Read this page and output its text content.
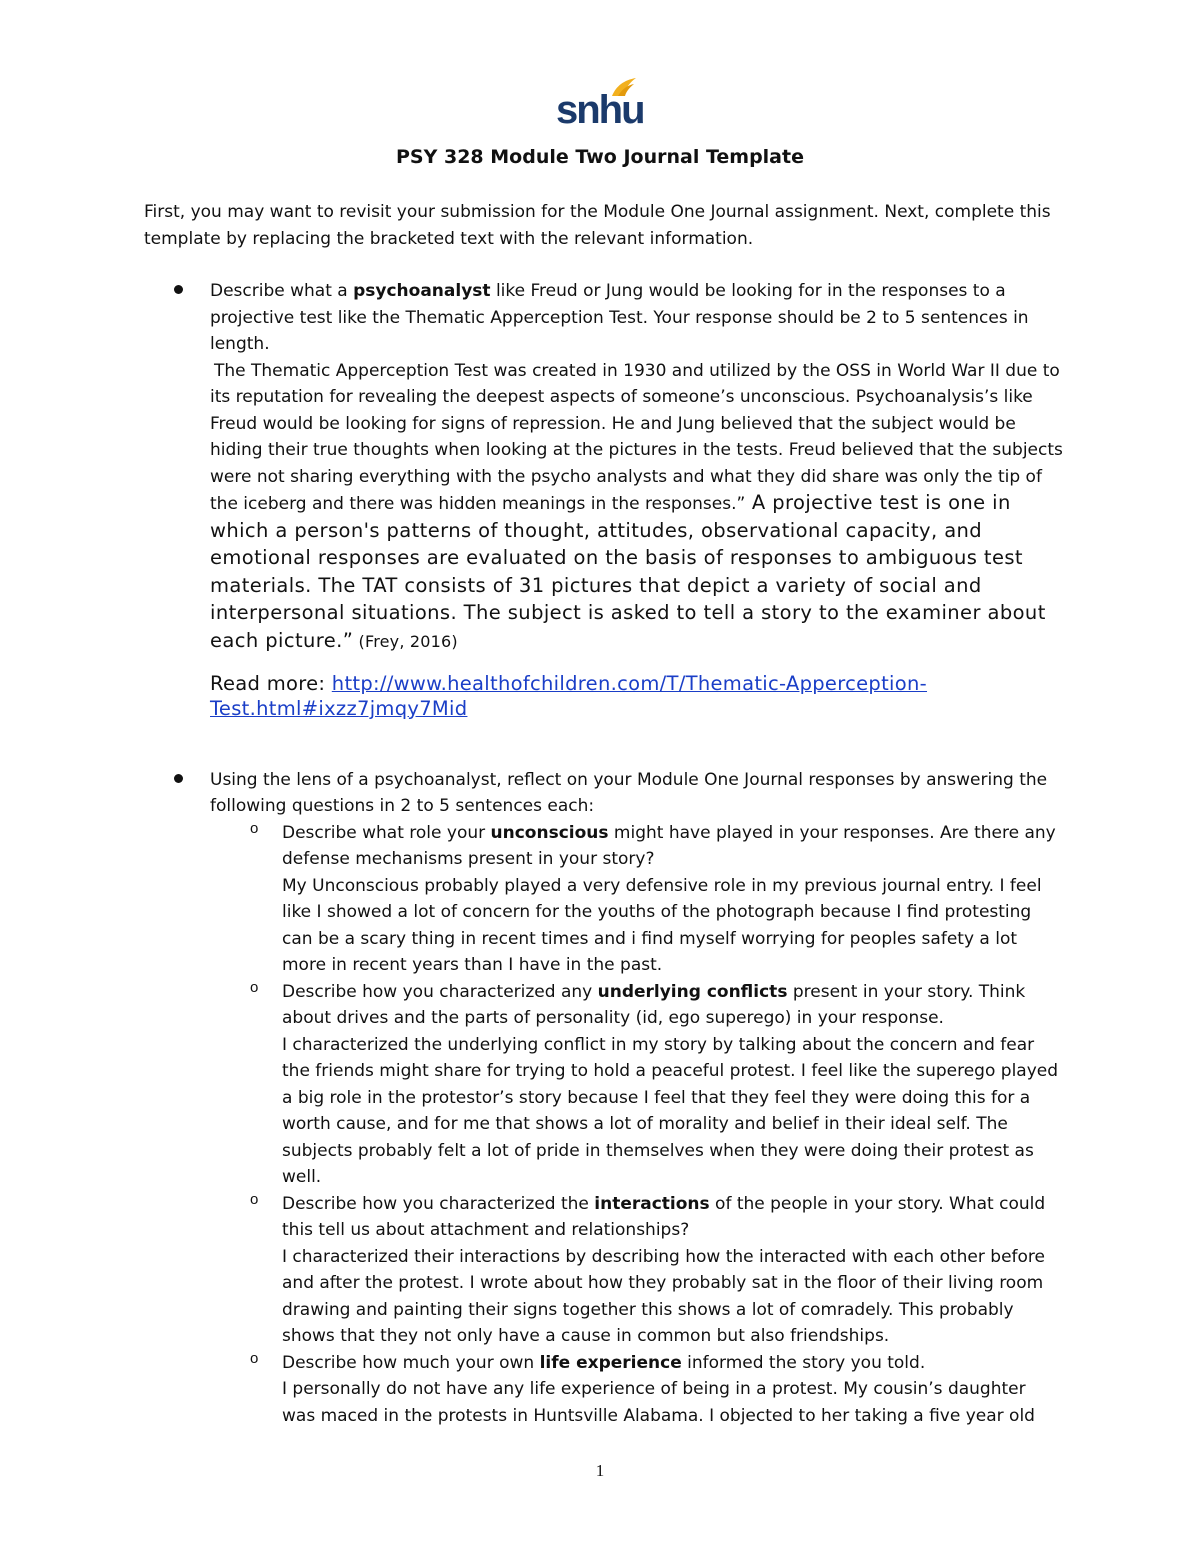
snhu
PSY 328 Module Two Journal Template

First, you may want to revisit your submission for the Module One Journal assignment. Next, complete this template by replacing the bracketed text with the relevant information.

Describe what a psychoanalyst like Freud or Jung would be looking for in the responses to a projective test like the Thematic Apperception Test. Your response should be 2 to 5 sentences in length.

The Thematic Apperception Test was created in 1930 and utilized by the OSS in World War II due to its reputation for revealing the deepest aspects of someone’s unconscious. Psychoanalysis’s like Freud would be looking for signs of repression. He and Jung believed that the subject would be hiding their true thoughts when looking at the pictures in the tests. Freud believed that the subjects were not sharing everything with the psycho analysts and what they did share was only the tip of the iceberg and there was hidden meanings in the responses.” A projective test is one in which a person's patterns of thought, attitudes, observational capacity, and emotional responses are evaluated on the basis of responses to ambiguous test materials. The TAT consists of 31 pictures that depict a variety of social and interpersonal situations. The subject is asked to tell a story to the examiner about each picture.” (Frey, 2016)

Read more: http://www.healthofchildren.com/T/Thematic-Apperception-Test.html#ixzz7jmqy7Mid

Using the lens of a psychoanalyst, reflect on your Module One Journal responses by answering the following questions in 2 to 5 sentences each:

o Describe what role your unconscious might have played in your responses. Are there any defense mechanisms present in your story?

My Unconscious probably played a very defensive role in my previous journal entry. I feel like I showed a lot of concern for the youths of the photograph because I find protesting can be a scary thing in recent times and i find myself worrying for peoples safety a lot more in recent years than I have in the past.

o Describe how you characterized any underlying conflicts present in your story. Think about drives and the parts of personality (id, ego superego) in your response.

I characterized the underlying conflict in my story by talking about the concern and fear the friends might share for trying to hold a peaceful protest. I feel like the superego played a big role in the protestor’s story because I feel that they feel they were doing this for a worth cause, and for me that shows a lot of morality and belief in their ideal self. The subjects probably felt a lot of pride in themselves when they were doing their protest as well.

o Describe how you characterized the interactions of the people in your story. What could this tell us about attachment and relationships?

I characterized their interactions by describing how the interacted with each other before and after the protest. I wrote about how they probably sat in the floor of their living room drawing and painting their signs together this shows a lot of comradely. This probably shows that they not only have a cause in common but also friendships.

o Describe how much your own life experience informed the story you told.

I personally do not have any life experience of being in a protest. My cousin’s daughter was maced in the protests in Huntsville Alabama. I objected to her taking a five year old

1
